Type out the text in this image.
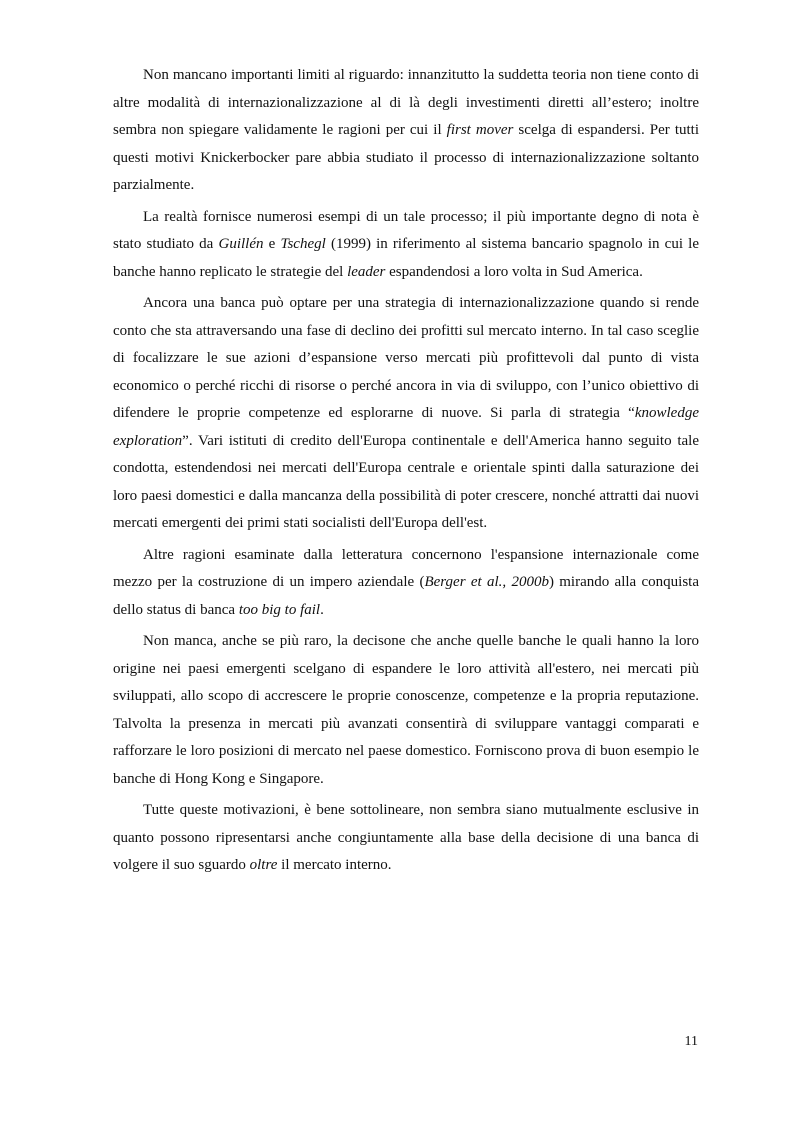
Non mancano importanti limiti al riguardo: innanzitutto la suddetta teoria non tiene conto di altre modalità di internazionalizzazione al di là degli investimenti diretti all’estero; inoltre sembra non spiegare validamente le ragioni per cui il first mover scelga di espandersi. Per tutti questi motivi Knickerbocker pare abbia studiato il processo di internazionalizzazione soltanto parzialmente.

La realtà fornisce numerosi esempi di un tale processo; il più importante degno di nota è stato studiato da Guillén e Tschegl (1999) in riferimento al sistema bancario spagnolo in cui le banche hanno replicato le strategie del leader espandendosi a loro volta in Sud America.

Ancora una banca può optare per una strategia di internazionalizzazione quando si rende conto che sta attraversando una fase di declino dei profitti sul mercato interno. In tal caso sceglie di focalizzare le sue azioni d’espansione verso mercati più profittevoli dal punto di vista economico o perché ricchi di risorse o perché ancora in via di sviluppo, con l’unico obiettivo di difendere le proprie competenze ed esplorarne di nuove. Si parla di strategia “knowledge exploration”. Vari istituti di credito dell'Europa continentale e dell'America hanno seguito tale condotta, estendendosi nei mercati dell'Europa centrale e orientale spinti dalla saturazione dei loro paesi domestici e dalla mancanza della possibilità di poter crescere, nonché attratti dai nuovi mercati emergenti dei primi stati socialisti dell'Europa dell'est.

Altre ragioni esaminate dalla letteratura concernono l'espansione internazionale come mezzo per la costruzione di un impero aziendale (Berger et al., 2000b) mirando alla conquista dello status di banca too big to fail.

Non manca, anche se più raro, la decisone che anche quelle banche le quali hanno la loro origine nei paesi emergenti scelgano di espandere le loro attività all'estero, nei mercati più sviluppati, allo scopo di accrescere le proprie conoscenze, competenze e la propria reputazione. Talvolta la presenza in mercati più avanzati consentirà di sviluppare vantaggi comparati e rafforzare le loro posizioni di mercato nel paese domestico. Forniscono prova di buon esempio le banche di Hong Kong e Singapore.

Tutte queste motivazioni, è bene sottolineare, non sembra siano mutualmente esclusive in quanto possono ripresentarsi anche congiuntamente alla base della decisione di una banca di volgere il suo sguardo oltre il mercato interno.

11
